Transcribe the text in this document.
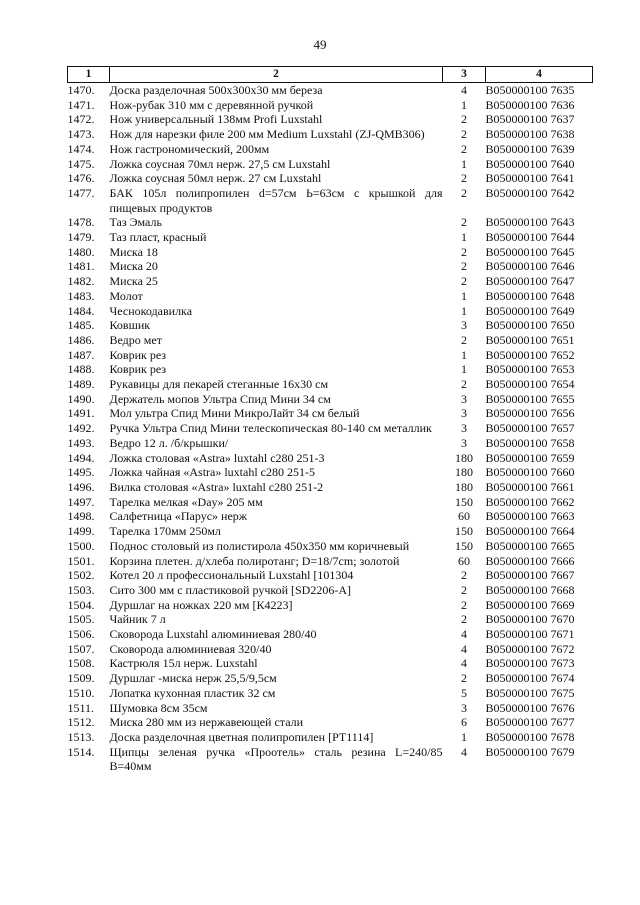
49
1	2	3	4
1470.	Доска разделочная 500х300х30 мм береза	4	В050000100 7635
1471.	Нож-рубак 310 мм с деревянной ручкой	1	В050000100 7636
1472.	Нож универсальный 138мм Profi Luxstahl	2	В050000100 7637
1473.	Нож для нарезки филе 200 мм Medium Luxstahl (ZJ-QMB306)	2	В050000100 7638
1474.	Нож гастрономический, 200мм	2	В050000100 7639
1475.	Ложка соусная 70мл нерж. 27,5 см Luxstahl	1	В050000100 7640
1476.	Ложка соусная 50мл нерж. 27 см Luxstahl	2	В050000100 7641
1477.	БАК 105л полипропилен d=57см Ь=63см с крышкой для пищевых продуктов	2	В050000100 7642
1478.	Таз Эмаль	2	В050000100 7643
1479.	Таз пласт, красный	1	В050000100 7644
1480.	Миска 18	2	В050000100 7645
1481.	Миска 20	2	В050000100 7646
1482.	Миска 25	2	В050000100 7647
1483.	Молот	1	В050000100 7648
1484.	Чеснокодавилка	1	В050000100 7649
1485.	Ковшик	3	В050000100 7650
1486.	Ведро мет	2	В050000100 7651
1487.	Коврик рез	1	В050000100 7652
1488.	Коврик рез	1	В050000100 7653
1489.	Рукавицы для пекарей стеганные 16х30 см	2	В050000100 7654
1490.	Держатель мопов Ультра Спид Мини 34 см	3	В050000100 7655
1491.	Мол ультра Спид Мини МикроЛайт 34 см белый	3	В050000100 7656
1492.	Ручка Ультра Спид Мини телескопическая 80-140 см металлик	3	В050000100 7657
1493.	Ведро 12 л. /б/крышки/	3	В050000100 7658
1494.	Ложка столовая «Astra» luxtahl с280 251-3	180	В050000100 7659
1495.	Ложка чайная «Astra» luxtahl с280 251-5	180	В050000100 7660
1496.	Вилка столовая «Astra» luxtahl с280 251-2	180	В050000100 7661
1497.	Тарелка мелкая «Day» 205 мм	150	В050000100 7662
1498.	Салфетница «Парус» нерж	60	В050000100 7663
1499.	Тарелка 170мм 250мл	150	В050000100 7664
1500.	Поднос столовый из полистирола 450х350 мм коричневый	150	В050000100 7665
1501.	Корзина плетен. д/хлеба полиротанг; D=18/7cm; золотой	60	В050000100 7666
1502.	Котел 20 л профессиональный Luxstahl [101304	2	В050000100 7667
1503.	Сито 300 мм с пластиковой ручкой [SD2206-A]	2	В050000100 7668
1504.	Дуршлаг на ножках 220 мм [К4223]	2	В050000100 7669
1505.	Чайник 7 л	2	В050000100 7670
1506.	Сковорода Luxstahl алюминиевая 280/40	4	В050000100 7671
1507.	Сковорода алюминиевая 320/40	4	В050000100 7672
1508.	Кастрюля 15л нерж. Luxstahl	4	В050000100 7673
1509.	Дуршлаг -миска нерж 25,5/9,5см	2	В050000100 7674
1510.	Лопатка кухонная пластик 32 см	5	В050000100 7675
1511.	Шумовка 8см 35см	3	В050000100 7676
1512.	Миска 280 мм из нержавеющей стали	6	В050000100 7677
1513.	Доска разделочная цветная полипропилен [РТ1114]	1	В050000100 7678
1514.	Щипцы зеленая ручка «Проотель» сталь резина L=240/85 В=40мм	4	В050000100 7679
